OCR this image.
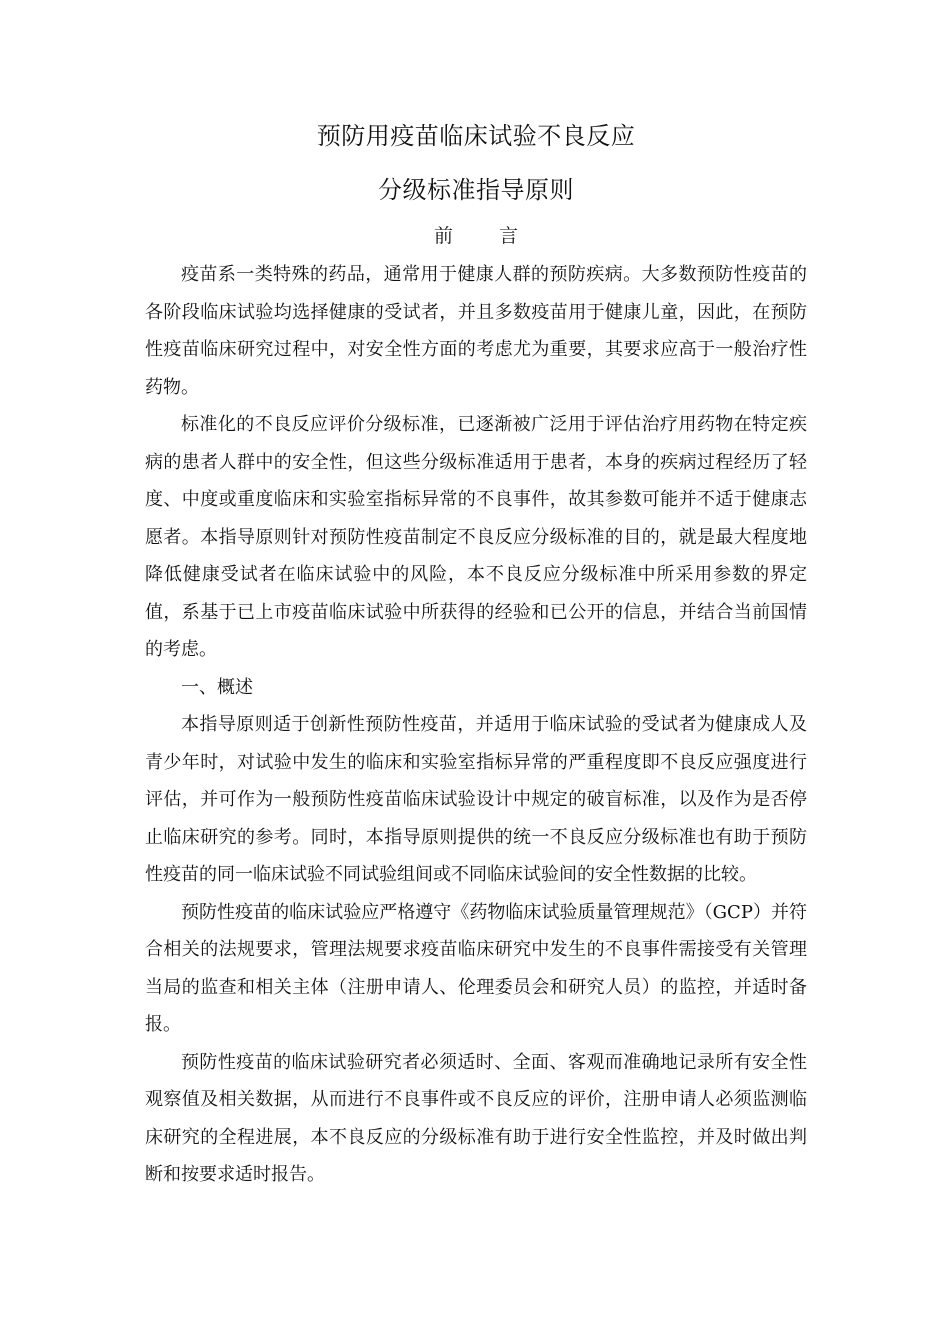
预防用疫苗临床试验不良反应
分级标准指导原则
前 言

疫苗系一类特殊的药品，通常用于健康人群的预防疾病。大多数预防性疫苗的各阶段临床试验均选择健康的受试者，并且多数疫苗用于健康儿童，因此，在预防性疫苗临床研究过程中，对安全性方面的考虑尤为重要，其要求应高于一般治疗性药物。

标准化的不良反应评价分级标准，已逐渐被广泛用于评估治疗用药物在特定疾病的患者人群中的安全性，但这些分级标准适用于患者，本身的疾病过程经历了轻度、中度或重度临床和实验室指标异常的不良事件，故其参数可能并不适于健康志愿者。本指导原则针对预防性疫苗制定不良反应分级标准的目的，就是最大程度地降低健康受试者在临床试验中的风险，本不良反应分级标准中所采用参数的界定值，系基于已上市疫苗临床试验中所获得的经验和已公开的信息，并结合当前国情的考虑。

一、概述

本指导原则适于创新性预防性疫苗，并适用于临床试验的受试者为健康成人及青少年时，对试验中发生的临床和实验室指标异常的严重程度即不良反应强度进行评估，并可作为一般预防性疫苗临床试验设计中规定的破盲标准，以及作为是否停止临床研究的参考。同时，本指导原则提供的统一不良反应分级标准也有助于预防性疫苗的同一临床试验不同试验组间或不同临床试验间的安全性数据的比较。

预防性疫苗的临床试验应严格遵守《药物临床试验质量管理规范》（GCP）并符合相关的法规要求，管理法规要求疫苗临床研究中发生的不良事件需接受有关管理当局的监查和相关主体（注册申请人、伦理委员会和研究人员）的监控，并适时备报。

预防性疫苗的临床试验研究者必须适时、全面、客观而准确地记录所有安全性观察值及相关数据，从而进行不良事件或不良反应的评价，注册申请人必须监测临床研究的全程进展，本不良反应的分级标准有助于进行安全性监控，并及时做出判断和按要求适时报告。
